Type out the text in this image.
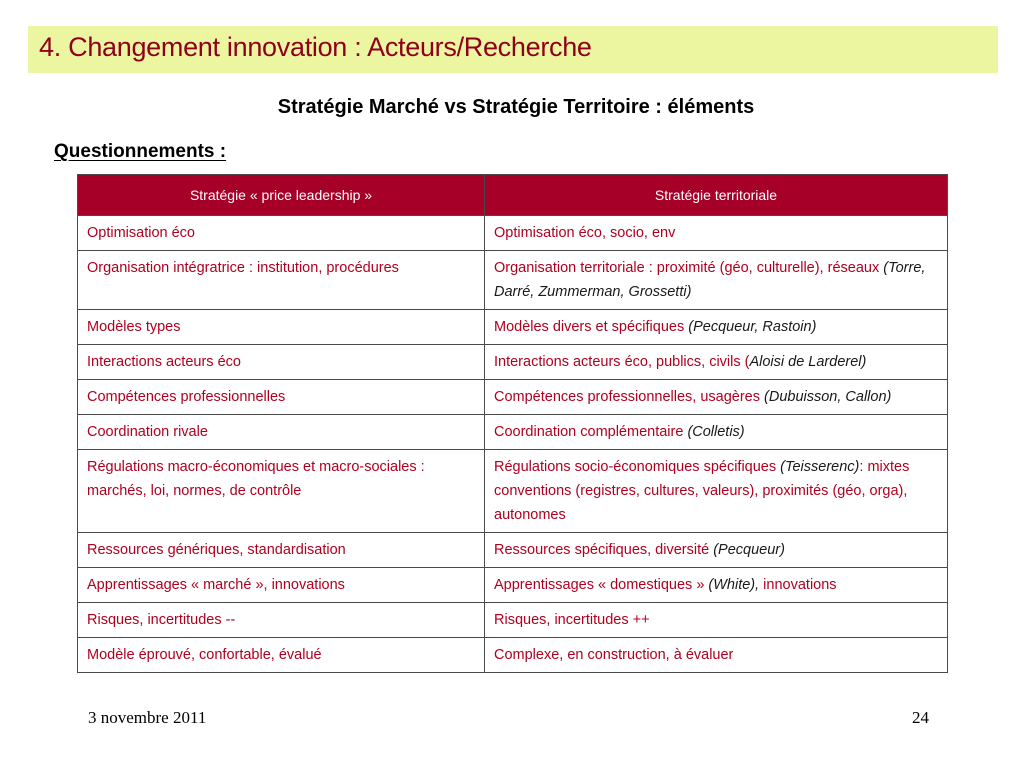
4. Changement innovation : Acteurs/Recherche
Stratégie Marché vs Stratégie Territoire : éléments
Questionnements :
Stratégie « price leadership »	Stratégie territoriale
Optimisation éco	Optimisation éco, socio, env
Organisation intégratrice : institution, procédures	Organisation territoriale : proximité (géo, culturelle), réseaux (Torre, Darré, Zummerman, Grossetti)
Modèles types	Modèles divers et spécifiques (Pecqueur, Rastoin)
Interactions acteurs éco	Interactions acteurs éco, publics, civils (Aloisi de Larderel)
Compétences professionnelles	Compétences professionnelles, usagères (Dubuisson, Callon)
Coordination rivale	Coordination complémentaire (Colletis)
Régulations macro-économiques et macro-sociales : marchés, loi, normes, de contrôle	Régulations socio-économiques spécifiques (Teisserenc): mixtes conventions (registres, cultures, valeurs), proximités (géo, orga), autonomes
Ressources génériques, standardisation	Ressources spécifiques, diversité (Pecqueur)
Apprentissages « marché », innovations	Apprentissages « domestiques » (White), innovations
Risques, incertitudes --	Risques, incertitudes ++
Modèle éprouvé, confortable, évalué	Complexe, en construction, à évaluer
3 novembre 2011	24
